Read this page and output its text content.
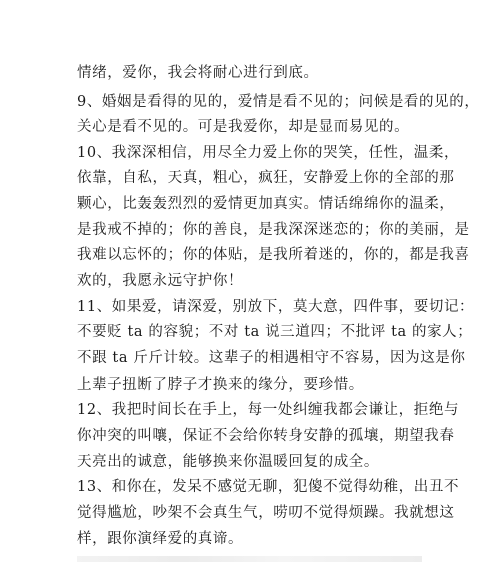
情绪，爱你，我会将耐心进行到底。
9、婚姻是看得的见的，爱情是看不见的；问候是看的见的，
关心是看不见的。可是我爱你，却是显而易见的。
10、我深深相信，用尽全力爱上你的哭笑，任性，温柔，
依靠，自私，天真，粗心，疯狂，安静爱上你的全部的那
颗心，比轰轰烈烈的爱情更加真实。情话绵绵你的温柔，
是我戒不掉的；你的善良，是我深深迷恋的；你的美丽，是
我难以忘怀的；你的体贴，是我所着迷的，你的，都是我喜
欢的，我愿永远守护你！
11、如果爱，请深爱，别放下，莫大意，四件事，要切记：
不要贬 ta 的容貌；不对 ta 说三道四；不批评 ta 的家人；
不跟 ta 斤斤计较。这辈子的相遇相守不容易，因为这是你
上辈子扭断了脖子才换来的缘分，要珍惜。
12、我把时间长在手上，每一处纠缠我都会谦让，拒绝与
你冲突的叫嚷，保证不会给你转身安静的孤壤，期望我春
天亮出的诚意，能够换来你温暖回复的成全。
13、和你在，发呆不感觉无聊，犯傻不觉得幼稚，出丑不
觉得尴尬，吵架不会真生气，唠叨不觉得烦躁。我就想这
样，跟你演绎爱的真谛。
